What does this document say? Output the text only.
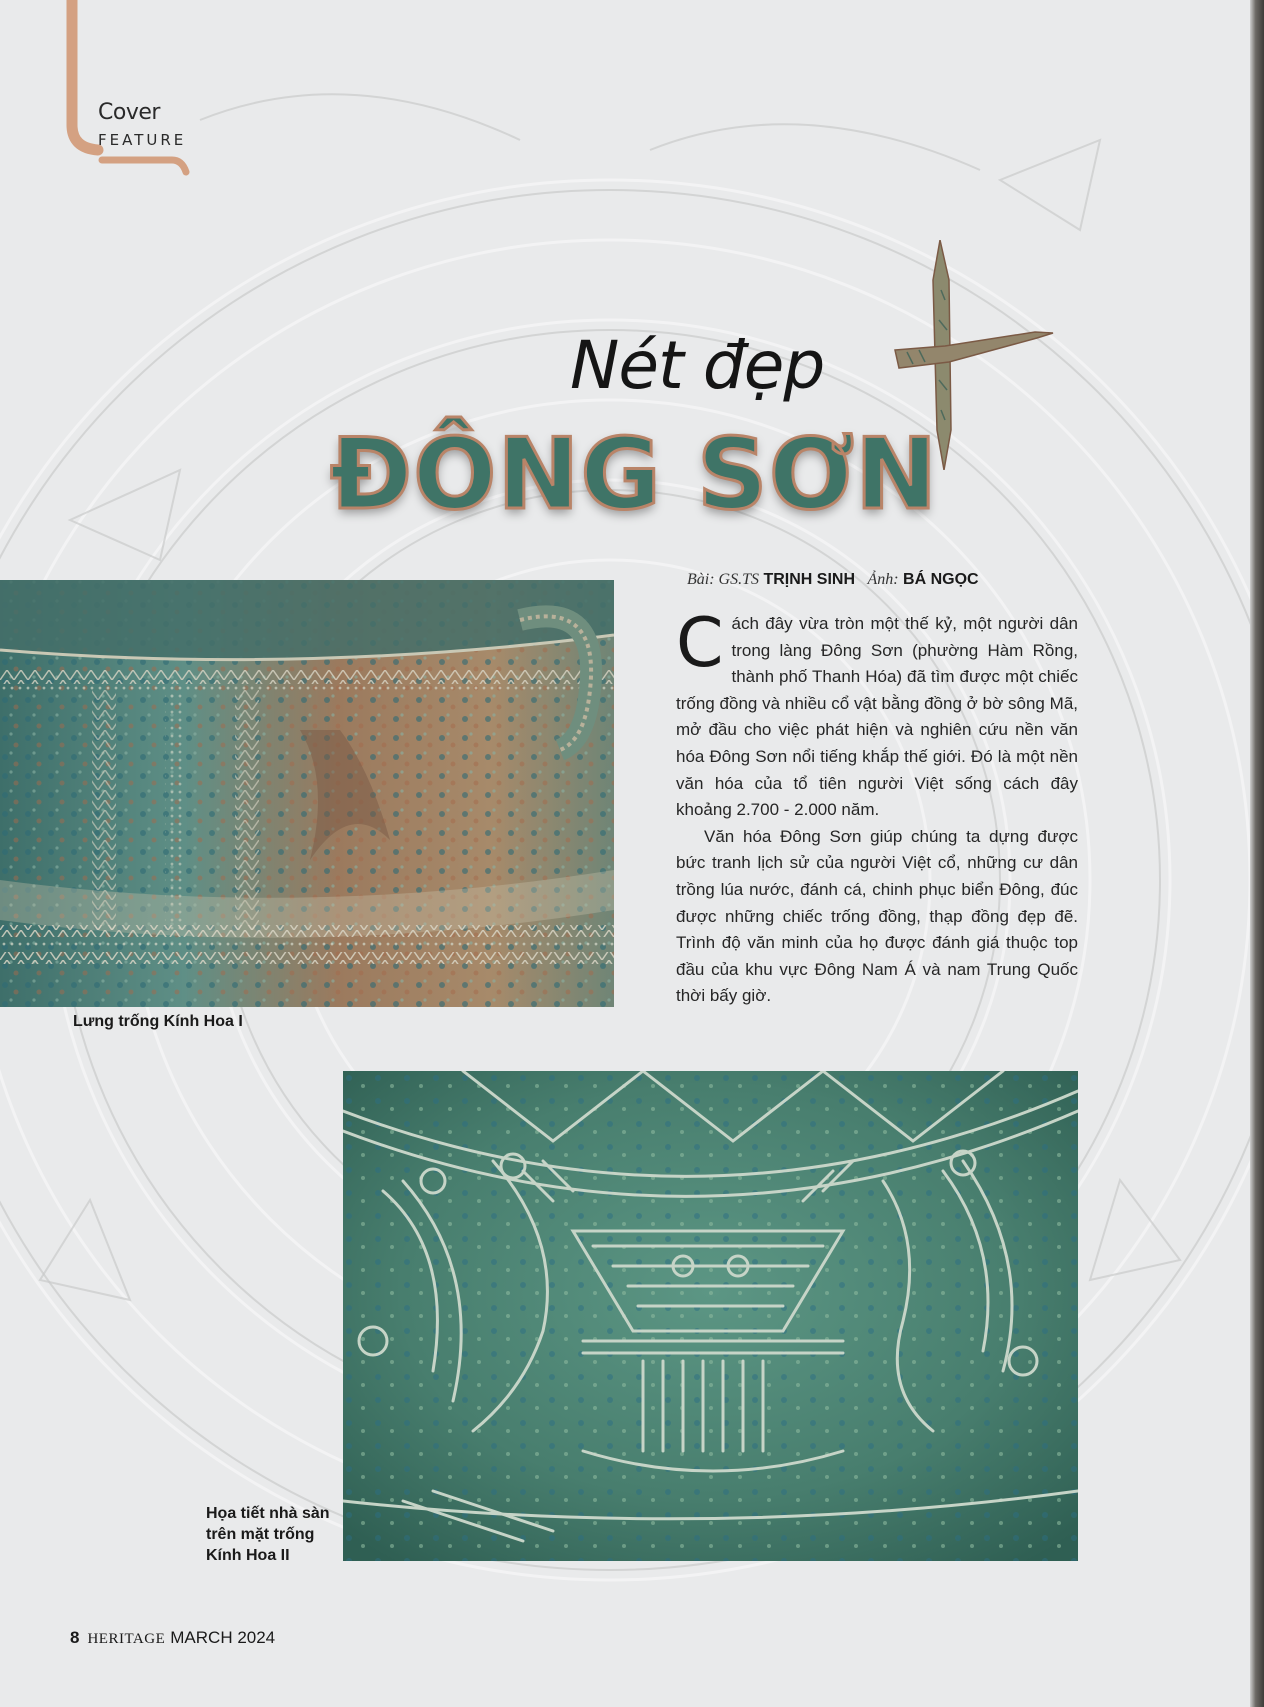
Cover
FEATURE
Nét đẹp
ĐÔNG SƠN
Lưng trống Kính Hoa I
Bài: GS.TS TRỊNH SINH Ảnh: BÁ NGỌC

Cách đây vừa tròn một thế kỷ, một người dân trong làng Đông Sơn (phường Hàm Rồng, thành phố Thanh Hóa) đã tìm được một chiếc trống đồng và nhiều cổ vật bằng đồng ở bờ sông Mã, mở đầu cho việc phát hiện và nghiên cứu nền văn hóa Đông Sơn nổi tiếng khắp thế giới. Đó là một nền văn hóa của tổ tiên người Việt sống cách đây khoảng 2.700 - 2.000 năm.

Văn hóa Đông Sơn giúp chúng ta dựng được bức tranh lịch sử của người Việt cổ, những cư dân trồng lúa nước, đánh cá, chinh phục biển Đông, đúc được những chiếc trống đồng, thạp đồng đẹp đẽ. Trình độ văn minh của họ được đánh giá thuộc top đầu của khu vực Đông Nam Á và nam Trung Quốc thời bấy giờ.

Họa tiết nhà sàn trên mặt trống Kính Hoa II
8 HERITAGE MARCH 2024
